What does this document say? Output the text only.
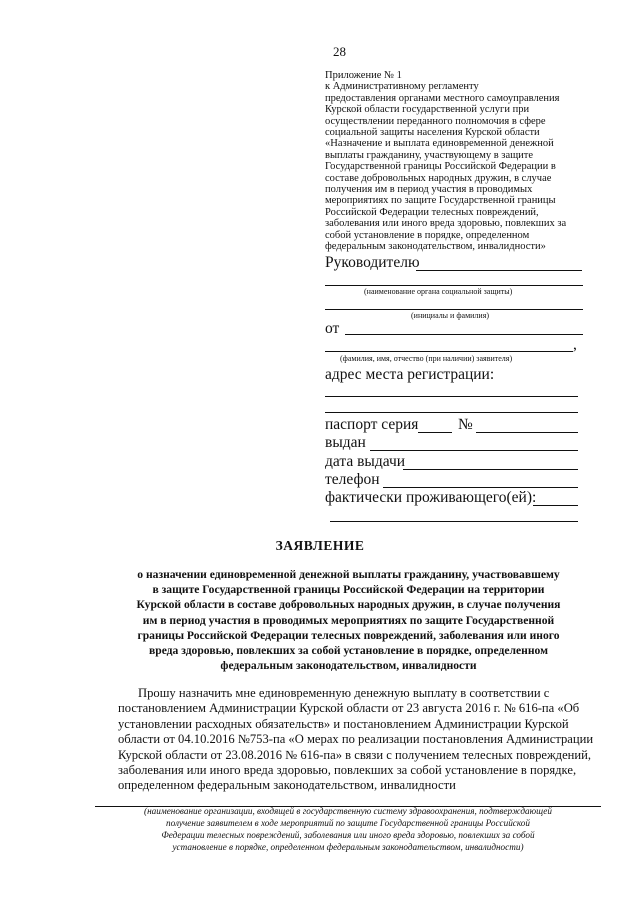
28
Приложение № 1
к Административному регламенту
предоставления органами местного самоуправления
Курской области государственной услуги при
осуществлении переданного полномочия в сфере
социальной защиты населения Курской области
«Назначение и выплата единовременной денежной
выплаты гражданину, участвующему в защите
Государственной границы Российской Федерации в
составе добровольных народных дружин, в случае
получения им в период участия в проводимых
мероприятиях по защите Государственной границы
Российской Федерации телесных повреждений,
заболевания или иного вреда здоровью, повлекших за
собой установление в порядке, определенном
федеральным законодательством, инвалидности»
Руководителю
(наименование органа социальной защиты)
(инициалы и фамилия)
от
,
(фамилия, имя, отчество (при наличии) заявителя)
адрес места регистрации:
паспорт серия	№
выдан
дата выдачи
телефон
фактически проживающего(ей):
ЗАЯВЛЕНИЕ
о назначении единовременной денежной выплаты гражданину, участвовавшему
в защите Государственной границы Российской Федерации на территории
Курской области в составе добровольных народных дружин, в случае получения
им в период участия в проводимых мероприятиях по защите Государственной
границы Российской Федерации телесных повреждений, заболевания или иного
вреда здоровью, повлекших за собой установление в порядке, определенном
федеральным законодательством, инвалидности
Прошу назначить мне единовременную денежную выплату в соответствии с
постановлением Администрации Курской области от 23 августа 2016 г. № 616-па «Об
установлении расходных обязательств» и постановлением Администрации Курской
области от 04.10.2016 №753-па «О мерах по реализации постановления Администрации
Курской области от 23.08.2016 № 616-па» в связи с получением телесных повреждений,
заболевания или иного вреда здоровью, повлекших за собой установление в порядке,
определенном федеральным законодательством, инвалидности
(наименование организации, входящей в государственную систему здравоохранения, подтверждающей
получение заявителем в ходе мероприятий по защите Государственной границы Российской
Федерации телесных повреждений, заболевания или иного вреда здоровью, повлекших за собой
установление в порядке, определенном федеральным законодательством, инвалидности)
